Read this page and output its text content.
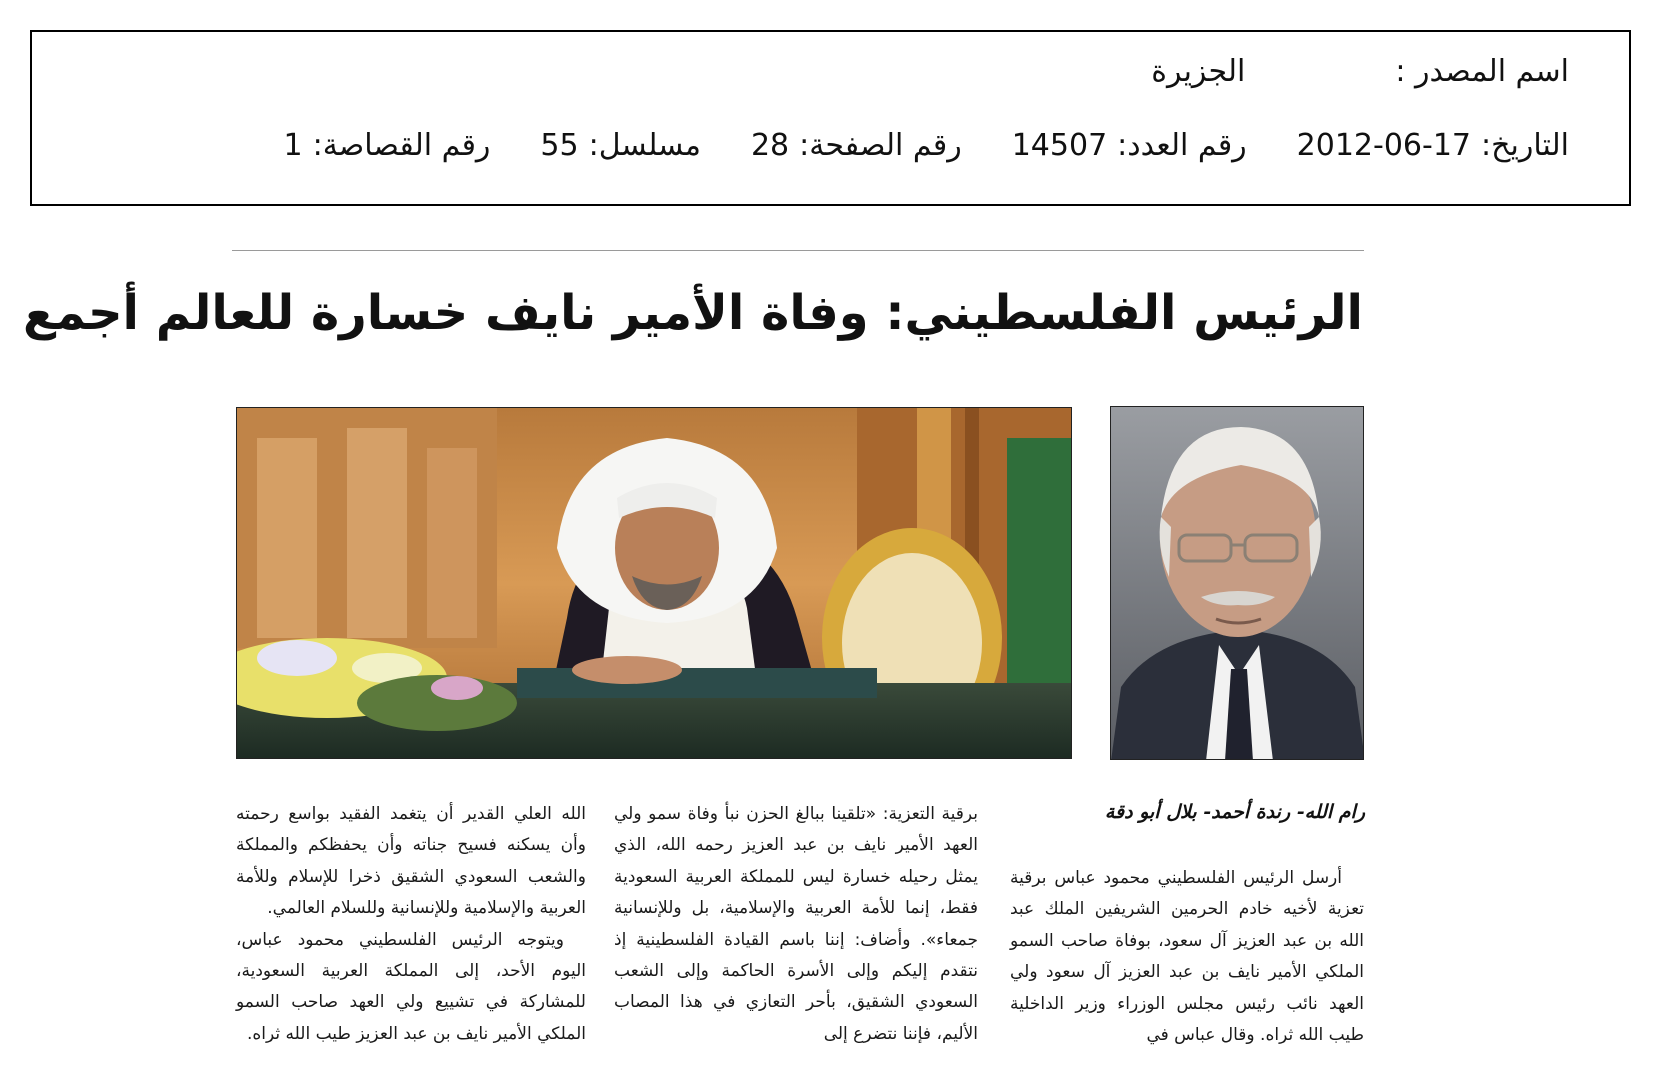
اسم المصدر :
الجزيرة
التاريخ:
2012-06-17
رقم العدد:
14507
رقم الصفحة:
28
مسلسل:
55
رقم القصاصة:
1
الرئيس الفلسطيني: وفاة الأمير نايف خسارة للعالم أجمع
رام الله- رندة أحمد- بلال أبو دقة

أرسل الرئيس الفلسطيني محمود عباس برقية تعزية لأخيه خادم الحرمين الشريفين الملك عبد الله بن عبد العزيز آل سعود، بوفاة صاحب السمو الملكي الأمير نايف بن عبد العزيز آل سعود ولي العهد نائب رئيس مجلس الوزراء وزير الداخلية طيب الله ثراه. وقال عباس في

برقية التعزية: «تلقينا ببالغ الحزن نبأ وفاة سمو ولي العهد الأمير نايف بن عبد العزيز رحمه الله، الذي يمثل رحيله خسارة ليس للمملكة العربية السعودية فقط، إنما للأمة العربية والإسلامية، بل وللإنسانية جمعاء». وأضاف: إننا باسم القيادة الفلسطينية إذ نتقدم إليكم وإلى الأسرة الحاكمة وإلى الشعب السعودي الشقيق، بأحر التعازي في هذا المصاب الأليم، فإننا نتضرع إلى

الله العلي القدير أن يتغمد الفقيد بواسع رحمته وأن يسكنه فسيح جناته وأن يحفظكم والمملكة والشعب السعودي الشقيق ذخرا للإسلام وللأمة العربية والإسلامية وللإنسانية وللسلام العالمي.

ويتوجه الرئيس الفلسطيني محمود عباس، اليوم الأحد، إلى المملكة العربية السعودية، للمشاركة في تشييع ولي العهد صاحب السمو الملكي الأمير نايف بن عبد العزيز طيب الله ثراه.
